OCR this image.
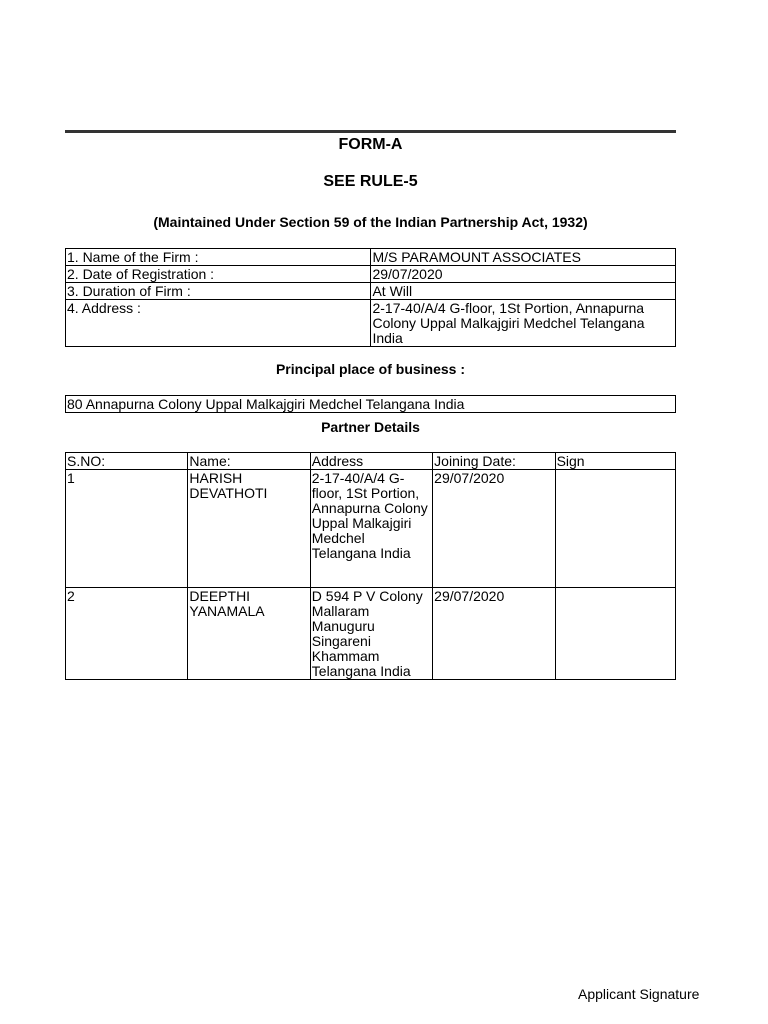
FORM-A
SEE RULE-5
(Maintained Under Section 59 of the Indian Partnership Act, 1932)
1. Name of the Firm :	M/S PARAMOUNT ASSOCIATES
2. Date of Registration :	29/07/2020
3. Duration of Firm :	At Will
4. Address :	2-17-40/A/4 G-floor, 1St Portion, Annapurna Colony Uppal Malkajgiri Medchel Telangana India
Principal place of business :
80 Annapurna Colony Uppal Malkajgiri Medchel Telangana India
Partner Details
S.NO:	Name:	Address	Joining Date:	Sign
1	HARISH DEVATHOTI	2-17-40/A/4 G-floor, 1St Portion, Annapurna Colony Uppal Malkajgiri Medchel Telangana India	29/07/2020	
2	DEEPTHI YANAMALA	D 594 P V Colony Mallaram Manuguru Singareni Khammam Telangana India	29/07/2020	
Applicant Signature
